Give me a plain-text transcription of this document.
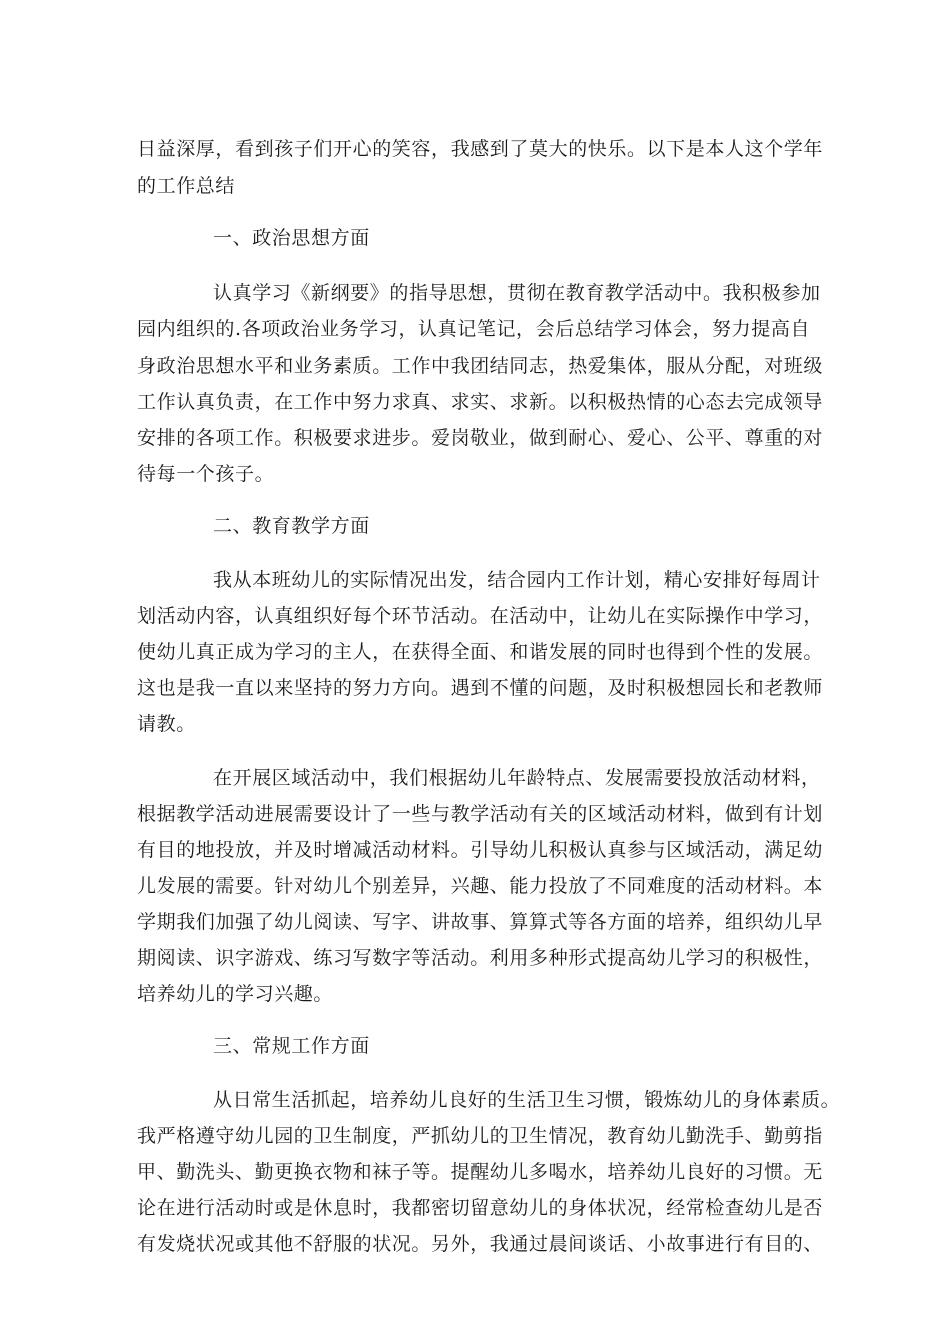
日益深厚，看到孩子们开心的笑容，我感到了莫大的快乐。以下是本人这个学年
的工作总结
一、政治思想方面
认真学习《新纲要》的指导思想，贯彻在教育教学活动中。我积极参加
园内组织的.各项政治业务学习，认真记笔记，会后总结学习体会，努力提高自
身政治思想水平和业务素质。工作中我团结同志，热爱集体，服从分配，对班级
工作认真负责，在工作中努力求真、求实、求新。以积极热情的心态去完成领导
安排的各项工作。积极要求进步。爱岗敬业，做到耐心、爱心、公平、尊重的对
待每一个孩子。
二、教育教学方面
我从本班幼儿的实际情况出发，结合园内工作计划，精心安排好每周计
划活动内容，认真组织好每个环节活动。在活动中，让幼儿在实际操作中学习，
使幼儿真正成为学习的主人，在获得全面、和谐发展的同时也得到个性的发展。
这也是我一直以来坚持的努力方向。遇到不懂的问题，及时积极想园长和老教师
请教。
在开展区域活动中，我们根据幼儿年龄特点、发展需要投放活动材料，
根据教学活动进展需要设计了一些与教学活动有关的区域活动材料，做到有计划
有目的地投放，并及时增减活动材料。引导幼儿积极认真参与区域活动，满足幼
儿发展的需要。针对幼儿个别差异，兴趣、能力投放了不同难度的活动材料。本
学期我们加强了幼儿阅读、写字、讲故事、算算式等各方面的培养，组织幼儿早
期阅读、识字游戏、练习写数字等活动。利用多种形式提高幼儿学习的积极性，
培养幼儿的学习兴趣。
三、常规工作方面
从日常生活抓起，培养幼儿良好的生活卫生习惯，锻炼幼儿的身体素质。
我严格遵守幼儿园的卫生制度，严抓幼儿的卫生情况，教育幼儿勤洗手、勤剪指
甲、勤洗头、勤更换衣物和袜子等。提醒幼儿多喝水，培养幼儿良好的习惯。无
论在进行活动时或是休息时，我都密切留意幼儿的身体状况，经常检查幼儿是否
有发烧状况或其他不舒服的状况。另外，我通过晨间谈话、小故事进行有目的、
